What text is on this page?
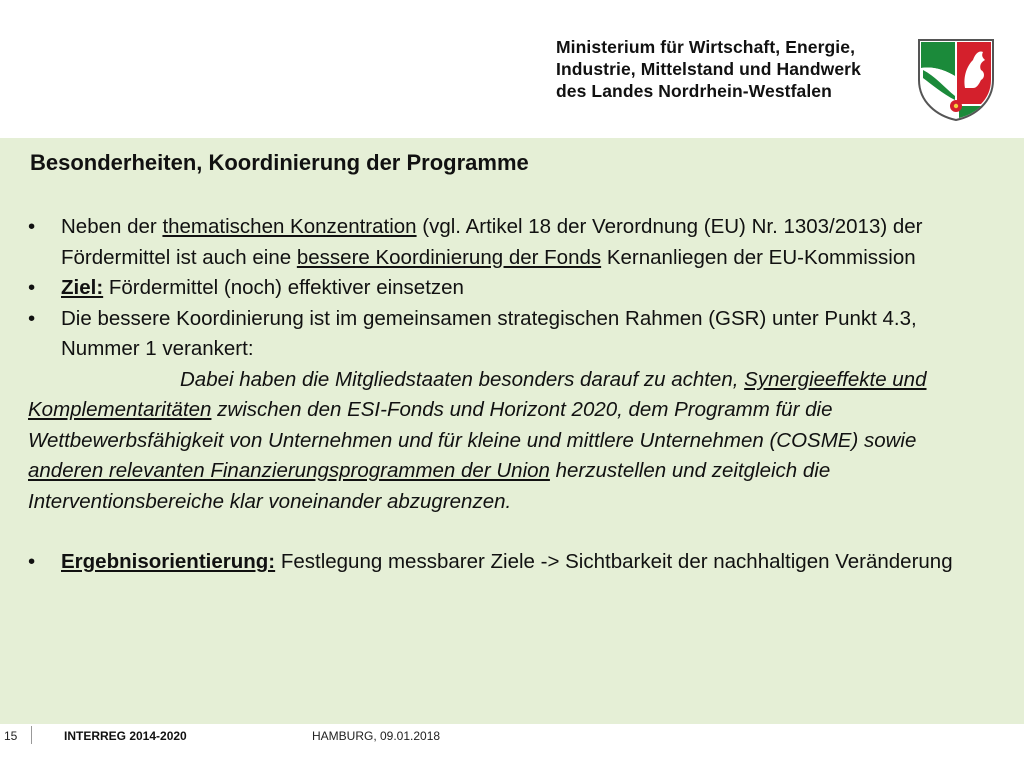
Ministerium für Wirtschaft, Energie,
Industrie, Mittelstand und Handwerk
des Landes Nordrhein-Westfalen
Besonderheiten, Koordinierung der Programme
• Neben der thematischen Konzentration (vgl. Artikel 18 der Verordnung (EU) Nr. 1303/2013) der Fördermittel ist auch eine bessere Koordinierung der Fonds Kernanliegen der EU-Kommission
• Ziel: Fördermittel (noch) effektiver einsetzen
• Die bessere Koordinierung ist im gemeinsamen strategischen Rahmen (GSR) unter Punkt 4.3, Nummer 1 verankert:
Dabei haben die Mitgliedstaaten besonders darauf zu achten, Synergieeffekte und Komplementaritäten zwischen den ESI-Fonds und Horizont 2020, dem Programm für die Wettbewerbsfähigkeit von Unternehmen und für kleine und mittlere Unternehmen (COSME) sowie anderen relevanten Finanzierungsprogrammen der Union herzustellen und zeitgleich die Interventionsbereiche klar voneinander abzugrenzen.
• Ergebnisorientierung: Festlegung messbarer Ziele -> Sichtbarkeit der nachhaltigen Veränderung
15	INTERREG 2014-2020	HAMBURG, 09.01.2018
